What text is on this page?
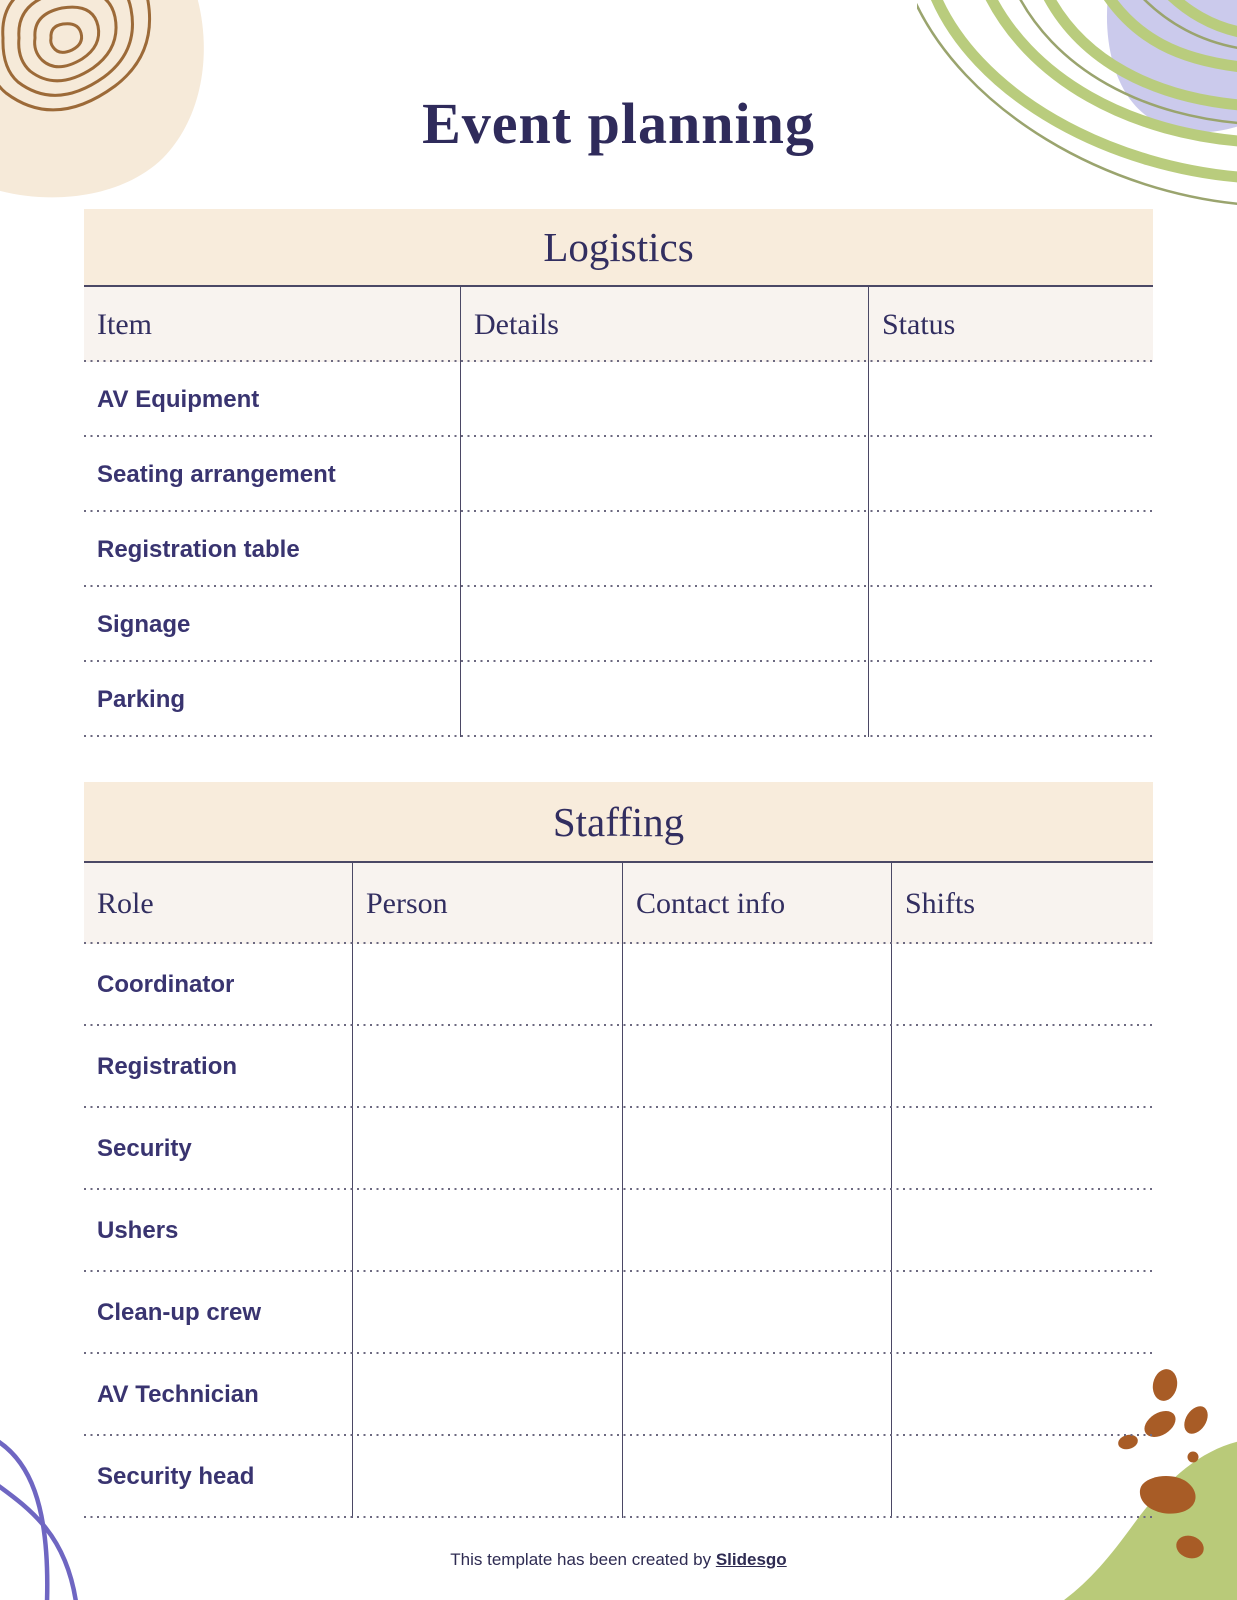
Event planning
Logistics
Item	Details	Status
AV Equipment
Seating arrangement
Registration table
Signage
Parking
Staffing
Role	Person	Contact info	Shifts
Coordinator
Registration
Security
Ushers
Clean-up crew
AV Technician
Security head
This template has been created by Slidesgo
